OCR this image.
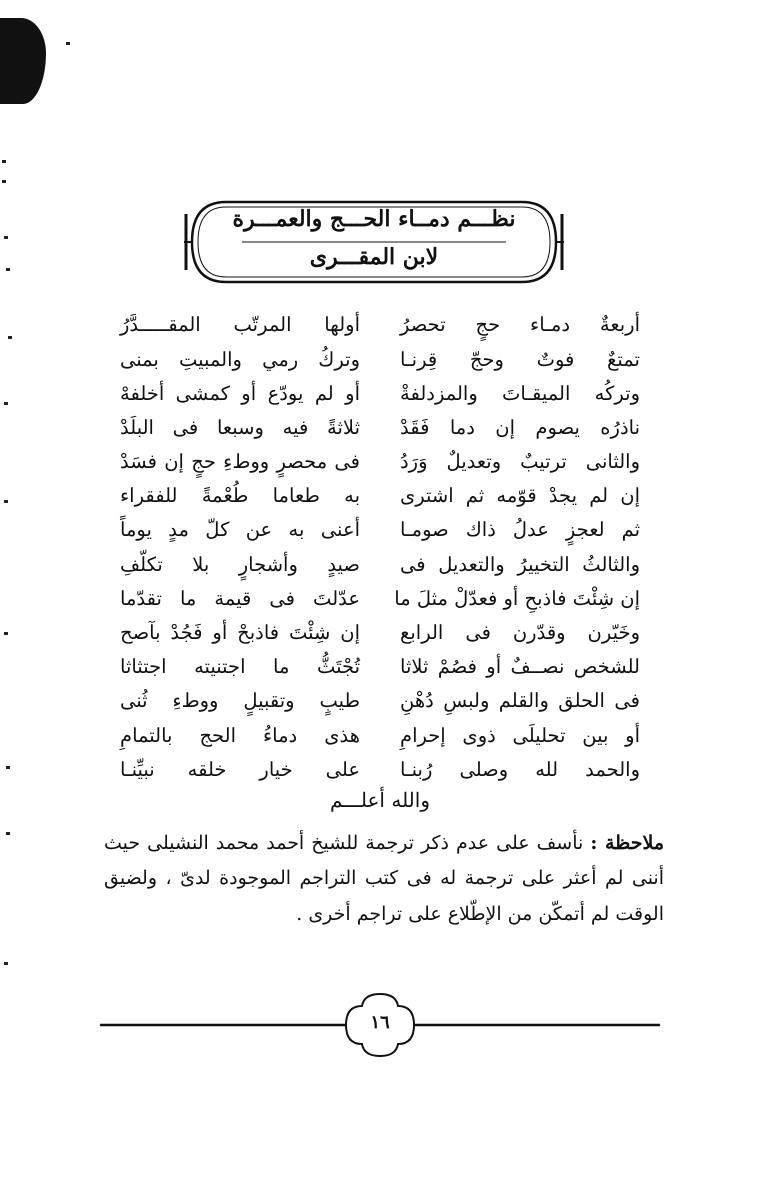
نظـــم دمــاء الحـــج والعمـــرة
لابن المقـــرى
أربعةٌ دمـاء حجٍ تحصرُ
أولها المرتّب المقـــــدَّرُ
تمتعٌ فوتٌ وحجّ قِرنـا
وتركُ رمي والمبيتِ بمنى
وتركُه الميقـاتَ والمزدلفةْ
أو لم يودّع أو كمشى أخلفهْ
ناذرُه يصوم إن دما فَقَدْ
ثلاثةً فيه وسبعا فى البلَدْ
والثانى ترتيبٌ وتعديلٌ وَرَدُ
فى محصرٍ ووطءِ حجٍ إن فسَدْ
إن لم يجدْ قوّمه ثم اشترى
به طعاما طُعْمةً للفقراء
ثم لعجزٍ عدلُ ذاك صومـا
أعنى به عن كلّ مدٍ يوماً
والثالثُ التخييرُ والتعديل فى
صيدٍ وأشجارٍ بلا تكلّفِ
إن شِئْتَ فاذبحِ أو فعدّلْ مثلَ ما
عدّلتَ فى قيمة ما تقدّما
وخَيّرن وقدّرن فى الرابع
إن شِئْتَ فاذبحْ أو فَجُدْ بآصح
للشخص نصــفٌ أو فصُمْ ثلاثا
تُجْتَثُّ ما اجتنيته اجتثاثا
فى الحلق والقلم ولبسِ دُهْنِ
طيبٍ وتقبيلٍ ووطءِ ثُنى
أو بين تحليلَى ذوى إحرامِ
هذى دماءُ الحج بالتمامِ
والحمد لله وصلى رُبنـا
على خيار خلقه نبيِّنـا
والله أعلـــم
ملاحظة : نأسف على عدم ذكر ترجمة للشيخ أحمد محمد النشيلى حيث أننى لم أعثر على ترجمة له فى كتب التراجم الموجودة لدىّ ، ولضيق الوقت لم أتمكّن من الإطّلاع على تراجم أخرى .
١٦
